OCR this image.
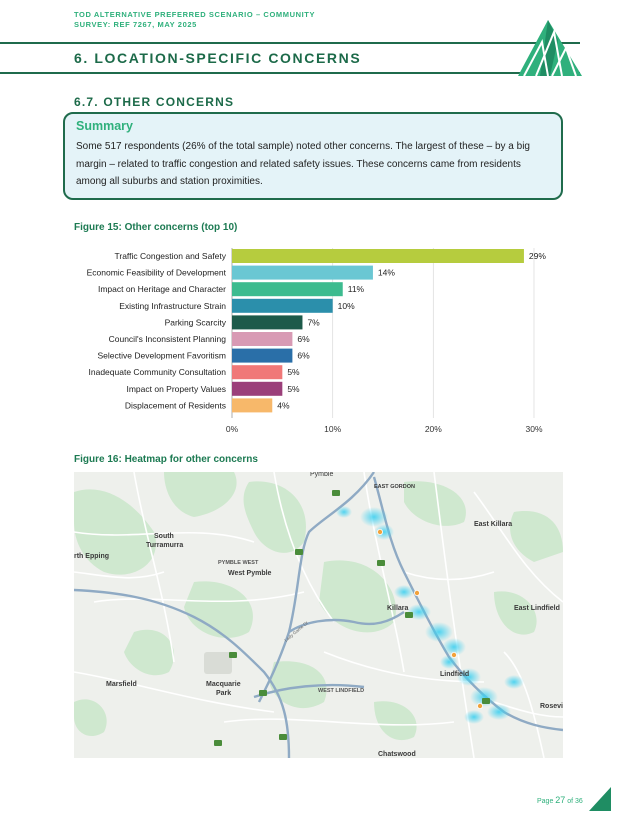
TOD ALTERNATIVE PREFERRED SCENARIO – COMMUNITY
SURVEY: REF 7267, MAY 2025
6. LOCATION-SPECIFIC CONCERNS
6.7. OTHER CONCERNS
Summary
Some 517 respondents (26% of the total sample) noted other concerns. The largest of these – by a big margin – related to traffic congestion and related safety issues. These concerns came from residents among all suburbs and station proximities.
Figure 15: Other concerns (top 10)
0%	10%	20%	30%
Traffic Congestion and Safety	29%
Economic Feasibility of Development	14%
Impact on Heritage and Character	11%
Existing Infrastructure Strain	10%
Parking Scarcity	7%
Council's Inconsistent Planning	6%
Selective Development Favoritism	6%
Inadequate Community Consultation	5%
Impact on Property Values	5%
Displacement of Residents	4%
Figure 16: Heatmap for other concerns
Pymble
EAST GORDON
East Killara
South
Turramurra
rth Epping
PYMBLE WEST
West Pymble
Killara	East Lindfield
Marsfield	Macquarie
Park	WEST LINDFIELD
Lindfield
Rosevi
Chatswood
Lady Game Dr
Page 27 of 36
